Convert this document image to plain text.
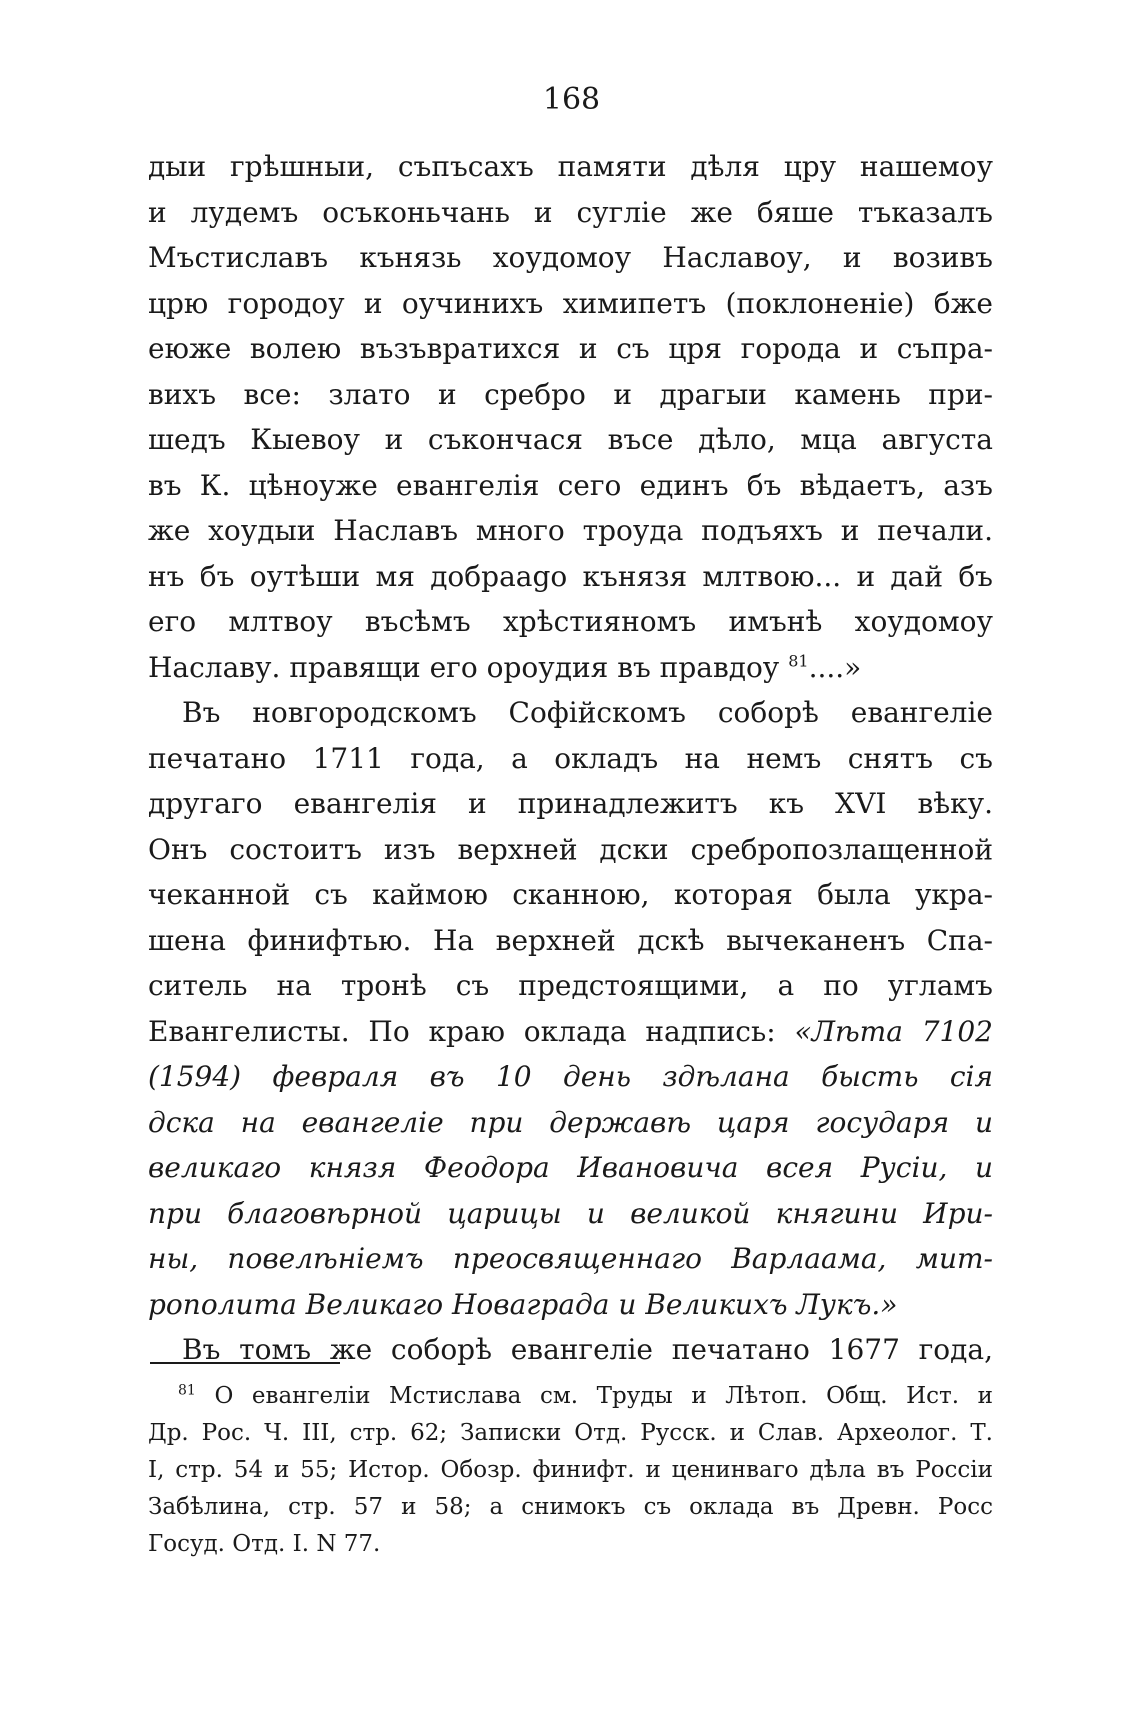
168
дыи грѣшныи, съпъсахъ памяти дѣля цру нашемоу
и лудемъ осъконьчань и сугліе же бяше тъказалъ
Мъстиславъ кънязь хоудомоу Наславоу, и возивъ
црю городоу и оучинихъ химипетъ (поклоненіе) бже
еюже волею възъвратихся и съ цря города и съпра-
вихъ все: злато и сребро и драгыи камень при-
шедъ Кыевоу и съкончася въсе дѣло, мца августа
въ К. цѣноуже евангелія сего единъ бъ вѣдаетъ, азъ
же хоудыи Наславъ много троуда подъяхъ и печали.
нъ бъ оутѣши мя добраago кънязя млтвою... и дай бъ
его млтвоу въсѣмъ хрѣстияномъ имънѣ хоудомоу
Наславу. правящи его ороудия въ правдоу $^{81}$....»
Въ новгородскомъ Софійскомъ соборѣ евангеліе
печатано 1711 года, а окладъ на немъ снятъ съ
другаго евангелія и принадлежитъ къ XVI вѣку.
Онъ состоитъ изъ верхней дски сребропозлащенной
чеканной съ каймою сканною, которая была укра-
шена финифтью. На верхней дскѣ вычеканенъ Спа-
ситель на тронѣ съ предстоящими, а по угламъ
Евангелисты. По краю оклада надпись: «Лѣта 7102
(1594) февраля въ 10 день здѣлана бысть сія
дска на евангеліе при державѣ царя государя и
великаго князя Феодора Ивановича всея Русіи, и
при благовѣрной царицы и великой княгини Ири-
ны, повелѣніемъ преосвященнаго Варлаама, мит-
рополита Великаго Новаграда и Великихъ Лукъ.»
Въ томъ же соборѣ евангеліе печатано 1677 года,
$^{81}$ О евангеліи Мстислава см. Труды и Лѣтоп. Общ. Ист. и
Др. Рос. Ч. III, стр. 62; Записки Отд. Русск. и Слав. Археолог. Т.
I, стр. 54 и 55; Истор. Обозр. финифт. и ценинваго дѣла въ Россіи
Забѣлина, стр. 57 и 58; а снимокъ съ оклада въ Древн. Росс
Госуд. Отд. I. N 77.
